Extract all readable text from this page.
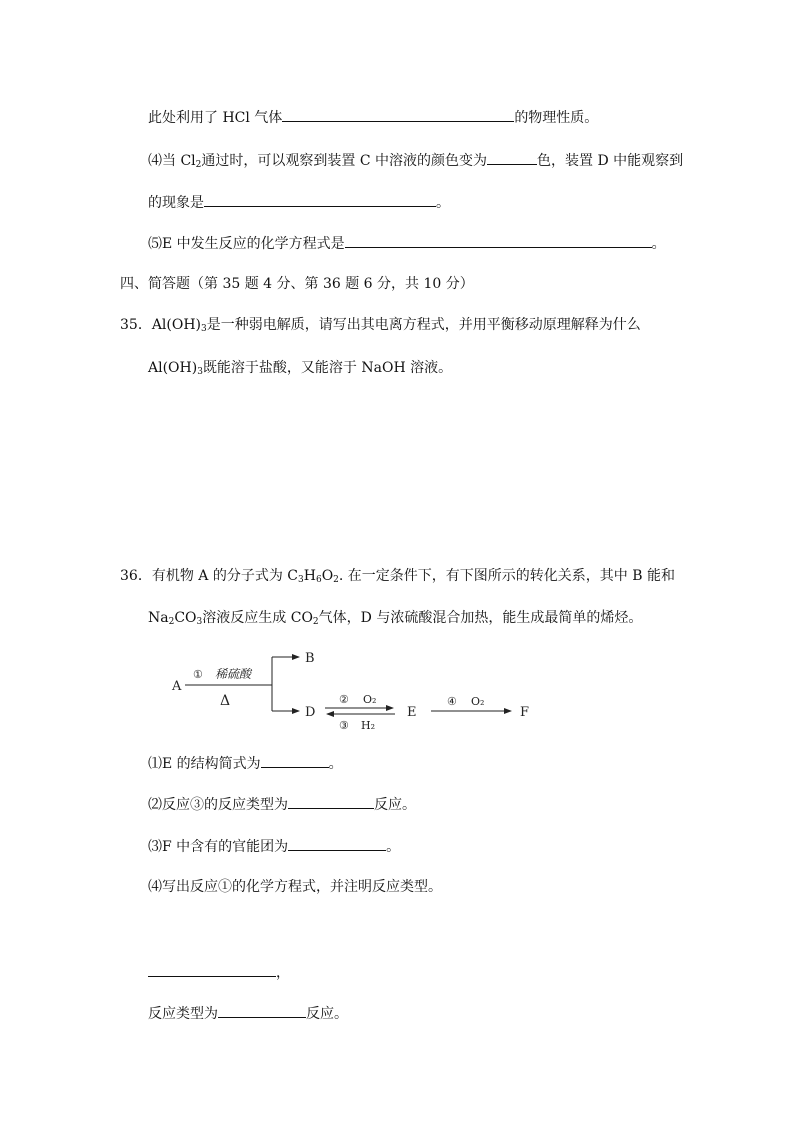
此处利用了 HCl 气体	的物理性质。
⑷当 $Cl_2$通过时，可以观察到装置 C 中溶液的颜色变为	色，装置 D 中能观察到
的现象是	。
⑸E 中发生反应的化学方程式是	。
四、简答题（第 35 题 4 分、第 36 题 6 分，共 10 分）
35．$Al(OH)_3$是一种弱电解质，请写出其电离方程式，并用平衡移动原理解释为什么
$Al(OH)_3$既能溶于盐酸，又能溶于 NaOH 溶液。
36．有机物 A 的分子式为 $C_3H_6O_2$. 在一定条件下，有下图所示的转化关系，其中 B 能和
$Na_2CO_3$溶液反应生成 $CO_2$气体，D 与浓硫酸混合加热，能生成最简单的烯烃。
A
① 稀硫酸
Δ
B
D
② O₂
③ H₂
E
④ O₂
F
⑴E 的结构简式为	。
⑵反应③的反应类型为	反应。
⑶F 中含有的官能团为	。
⑷写出反应①的化学方程式，并注明反应类型。
，
反应类型为	反应。
